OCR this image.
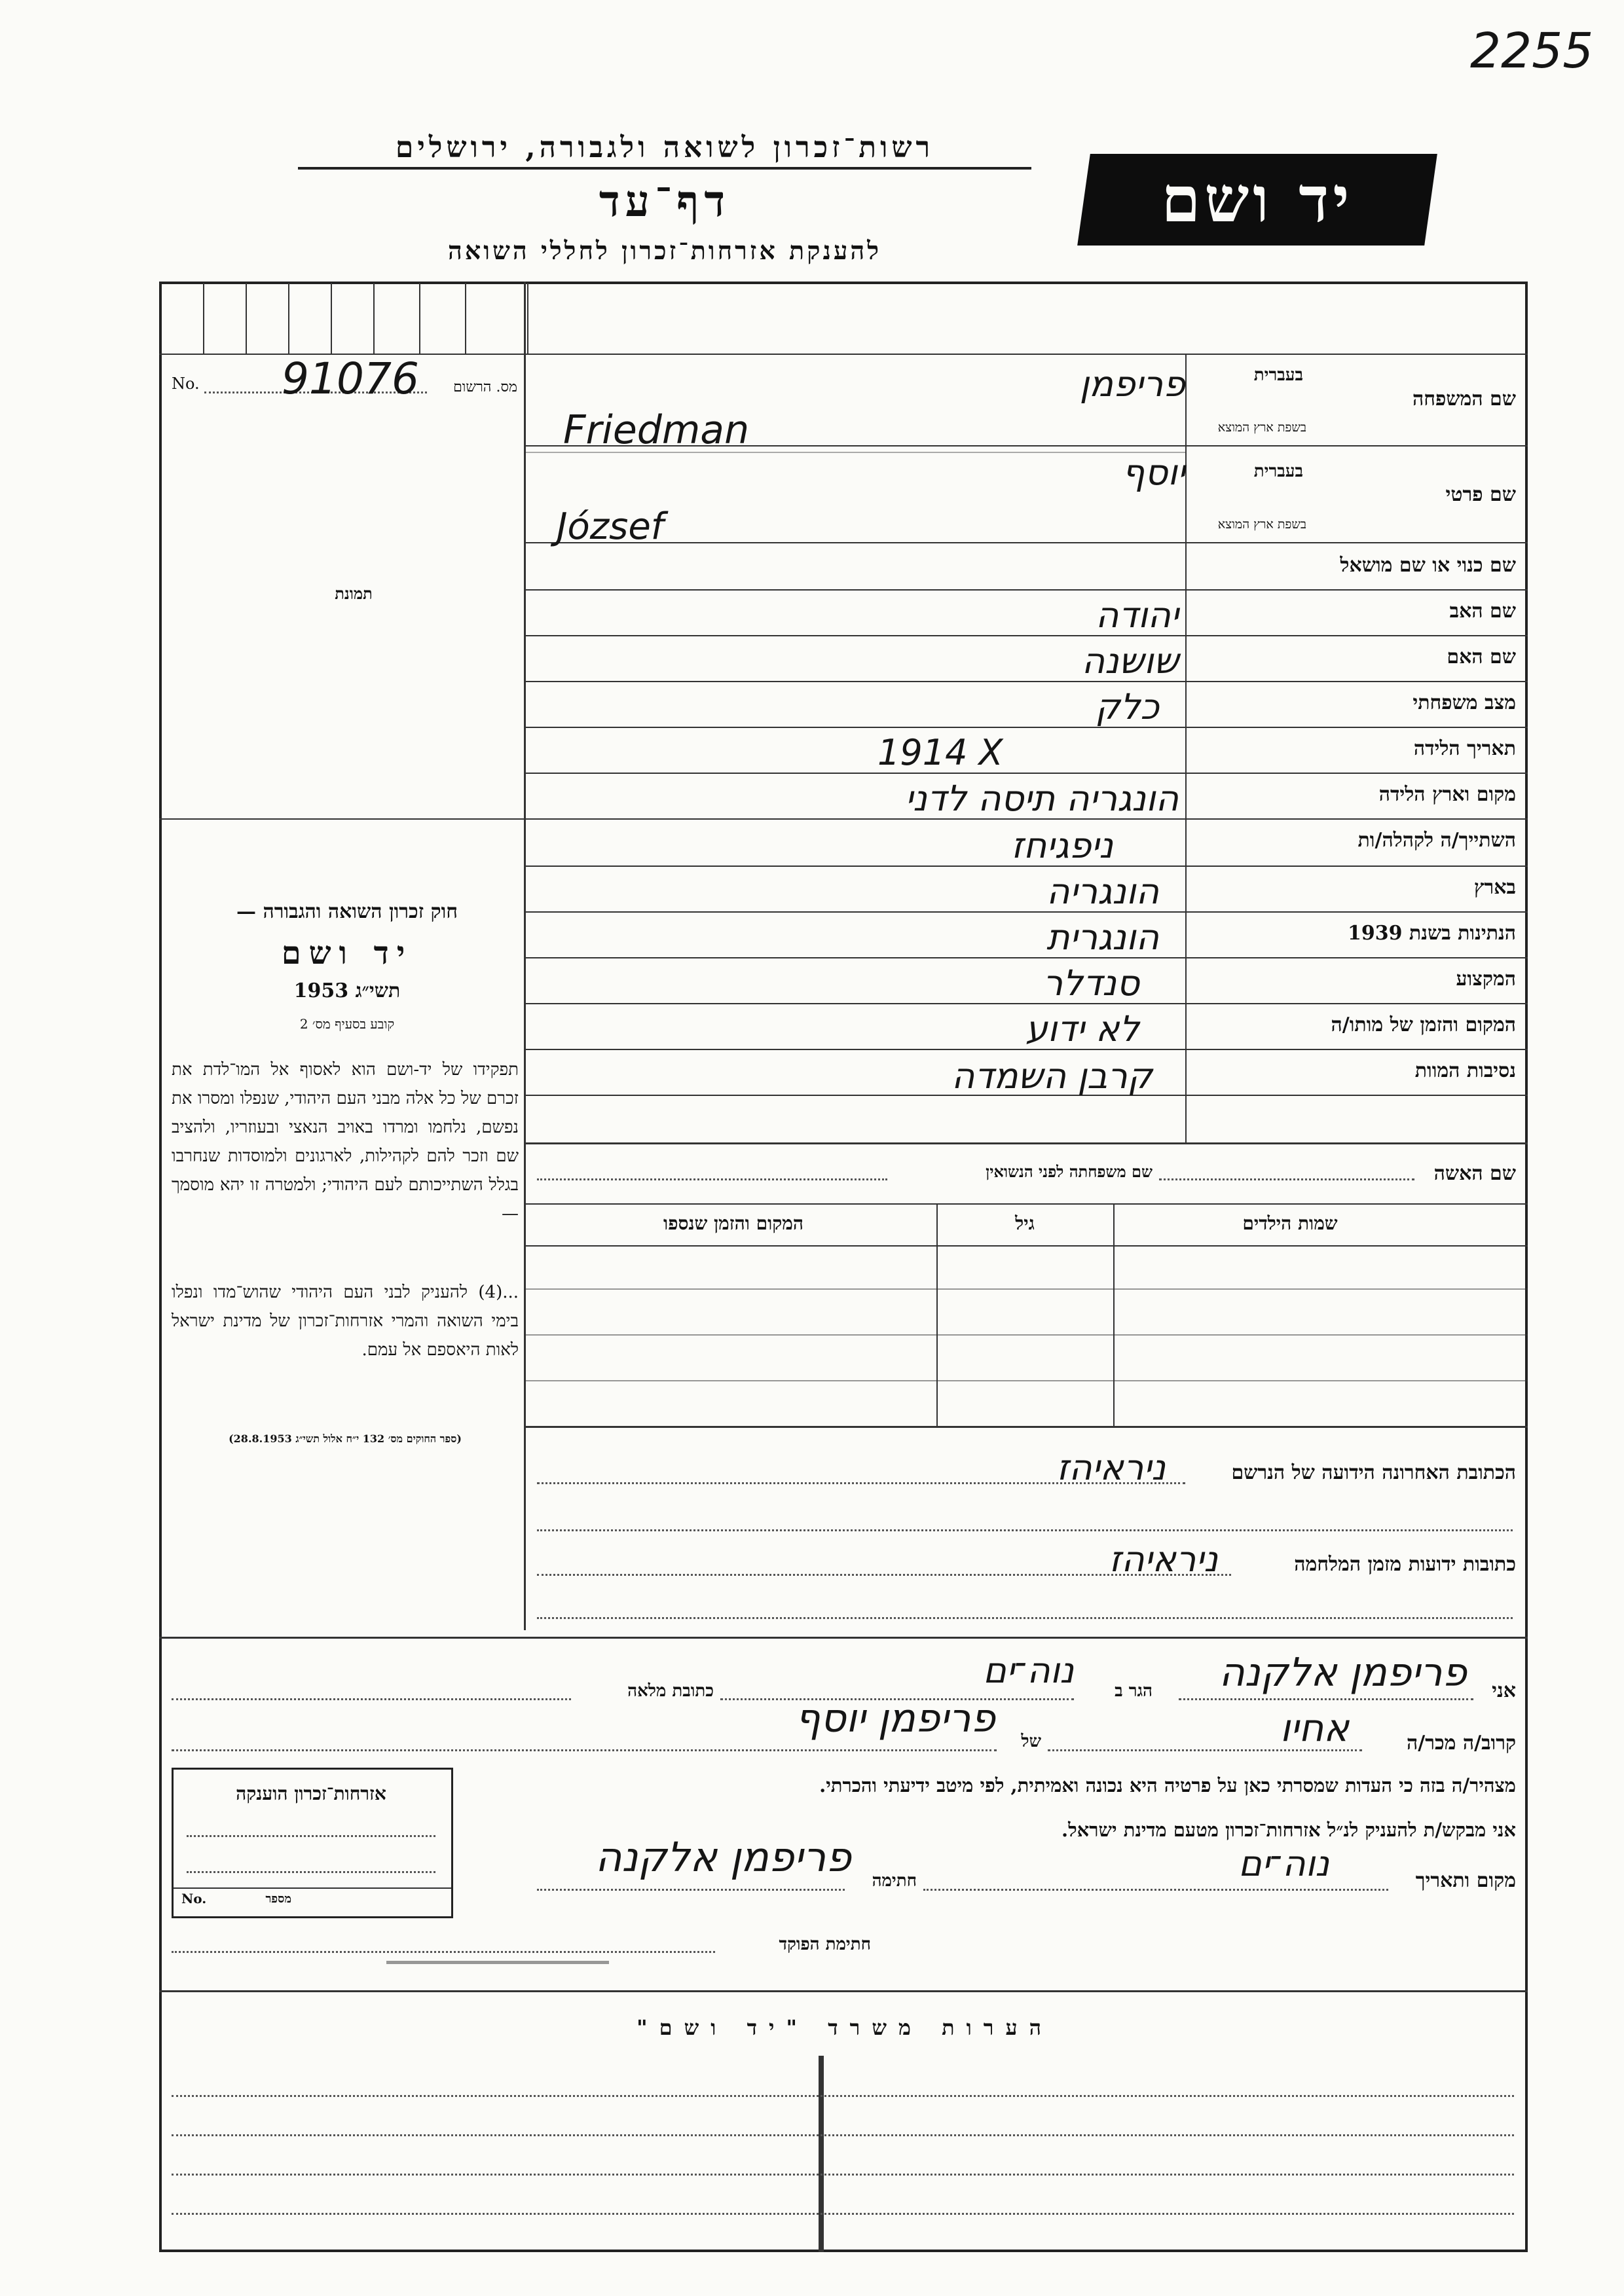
2255
רשות־זכרון לשואה ולגבורה, ירושלים
דף־עד
להענקת אזרחות־זכרון לחללי השואה
יד ושם
No. 91076	מס. הרשום
תמונת
חוק זכרון השואה והגבורה —
יד ושם
תשי״ג 1953
קובע בסעיף מס׳ 2
תפקידו של יד-ושם הוא לאסוף אל המו־לדת את זכרם של כל אלה מבני העם היהודי, שנפלו ומסרו את נפשם, נלחמו ומרדו באויב הנאצי ובעוזריו, ולהציב שם וזכר להם לקהילות, לארגונים ולמוסדות שנחרבו בגלל השתייכותם לעם היהודי; ולמטרה זו יהא מוסמך —
...(4) להעניק לבני העם היהודי שהוש־מדו ונפלו בימי השואה והמרי אזרחות־זכרון של מדינת ישראל לאות היאספם אל עמם.
(ספר החוקים מס׳ 132 י״ח אלול תשי״ג 28.8.1953)
שם המשפחה
בעברית
בשפת ארץ המוצא
פריפמן
Friedman
שם פרטי
בעברית
בשפת ארץ המוצא
יוסף
József
שם כנוי או שם מושאל
שם האב
יהודה
שם האם
שושנה
מצב משפחתי
כלק
תאריך הלידה
1914 X
מקום וארץ הלידה
הונגריה תיסה לדני
השתייך/ה לקהלה/ות
ניפגיחז
בארץ
הונגריה
הנתינות בשנת 1939
הונגרית
המקצוע
סנדלר
המקום והזמן של מותו/ה
לא ידוע
נסיבות המוות
קרבן השמדה
שם האשה
שם משפחתה לפני הנשואין
שמות הילדים
גיל
המקום והזמן שנספו
הכתובת האחרונה הידועה של הנרשם
ניראיהז
כתובות ידועות מזמן המלחמה
ניראיהז
אני
פריפמן אלקנה
הגר ב
נוה־ים
כתובת מלאה
קרוב/ה מכר/ה
אחיו
של
פריפמן יוסף
מצהיר/ה בזה כי העדות שמסרתי כאן על פרטיה היא נכונה ואמיתית, לפי מיטב ידיעתי והכרתי.
אני מבקש/ת להעניק לנ״ל אזרחות־זכרון מטעם מדינת ישראל.
מקום ותאריך
נוה־ים
חתימה
פריפמן אלקנה
אזרחות־זכרון הוענקה
No.	מספר
חתימת הפוקד
הערות משרד "יד ושם"
